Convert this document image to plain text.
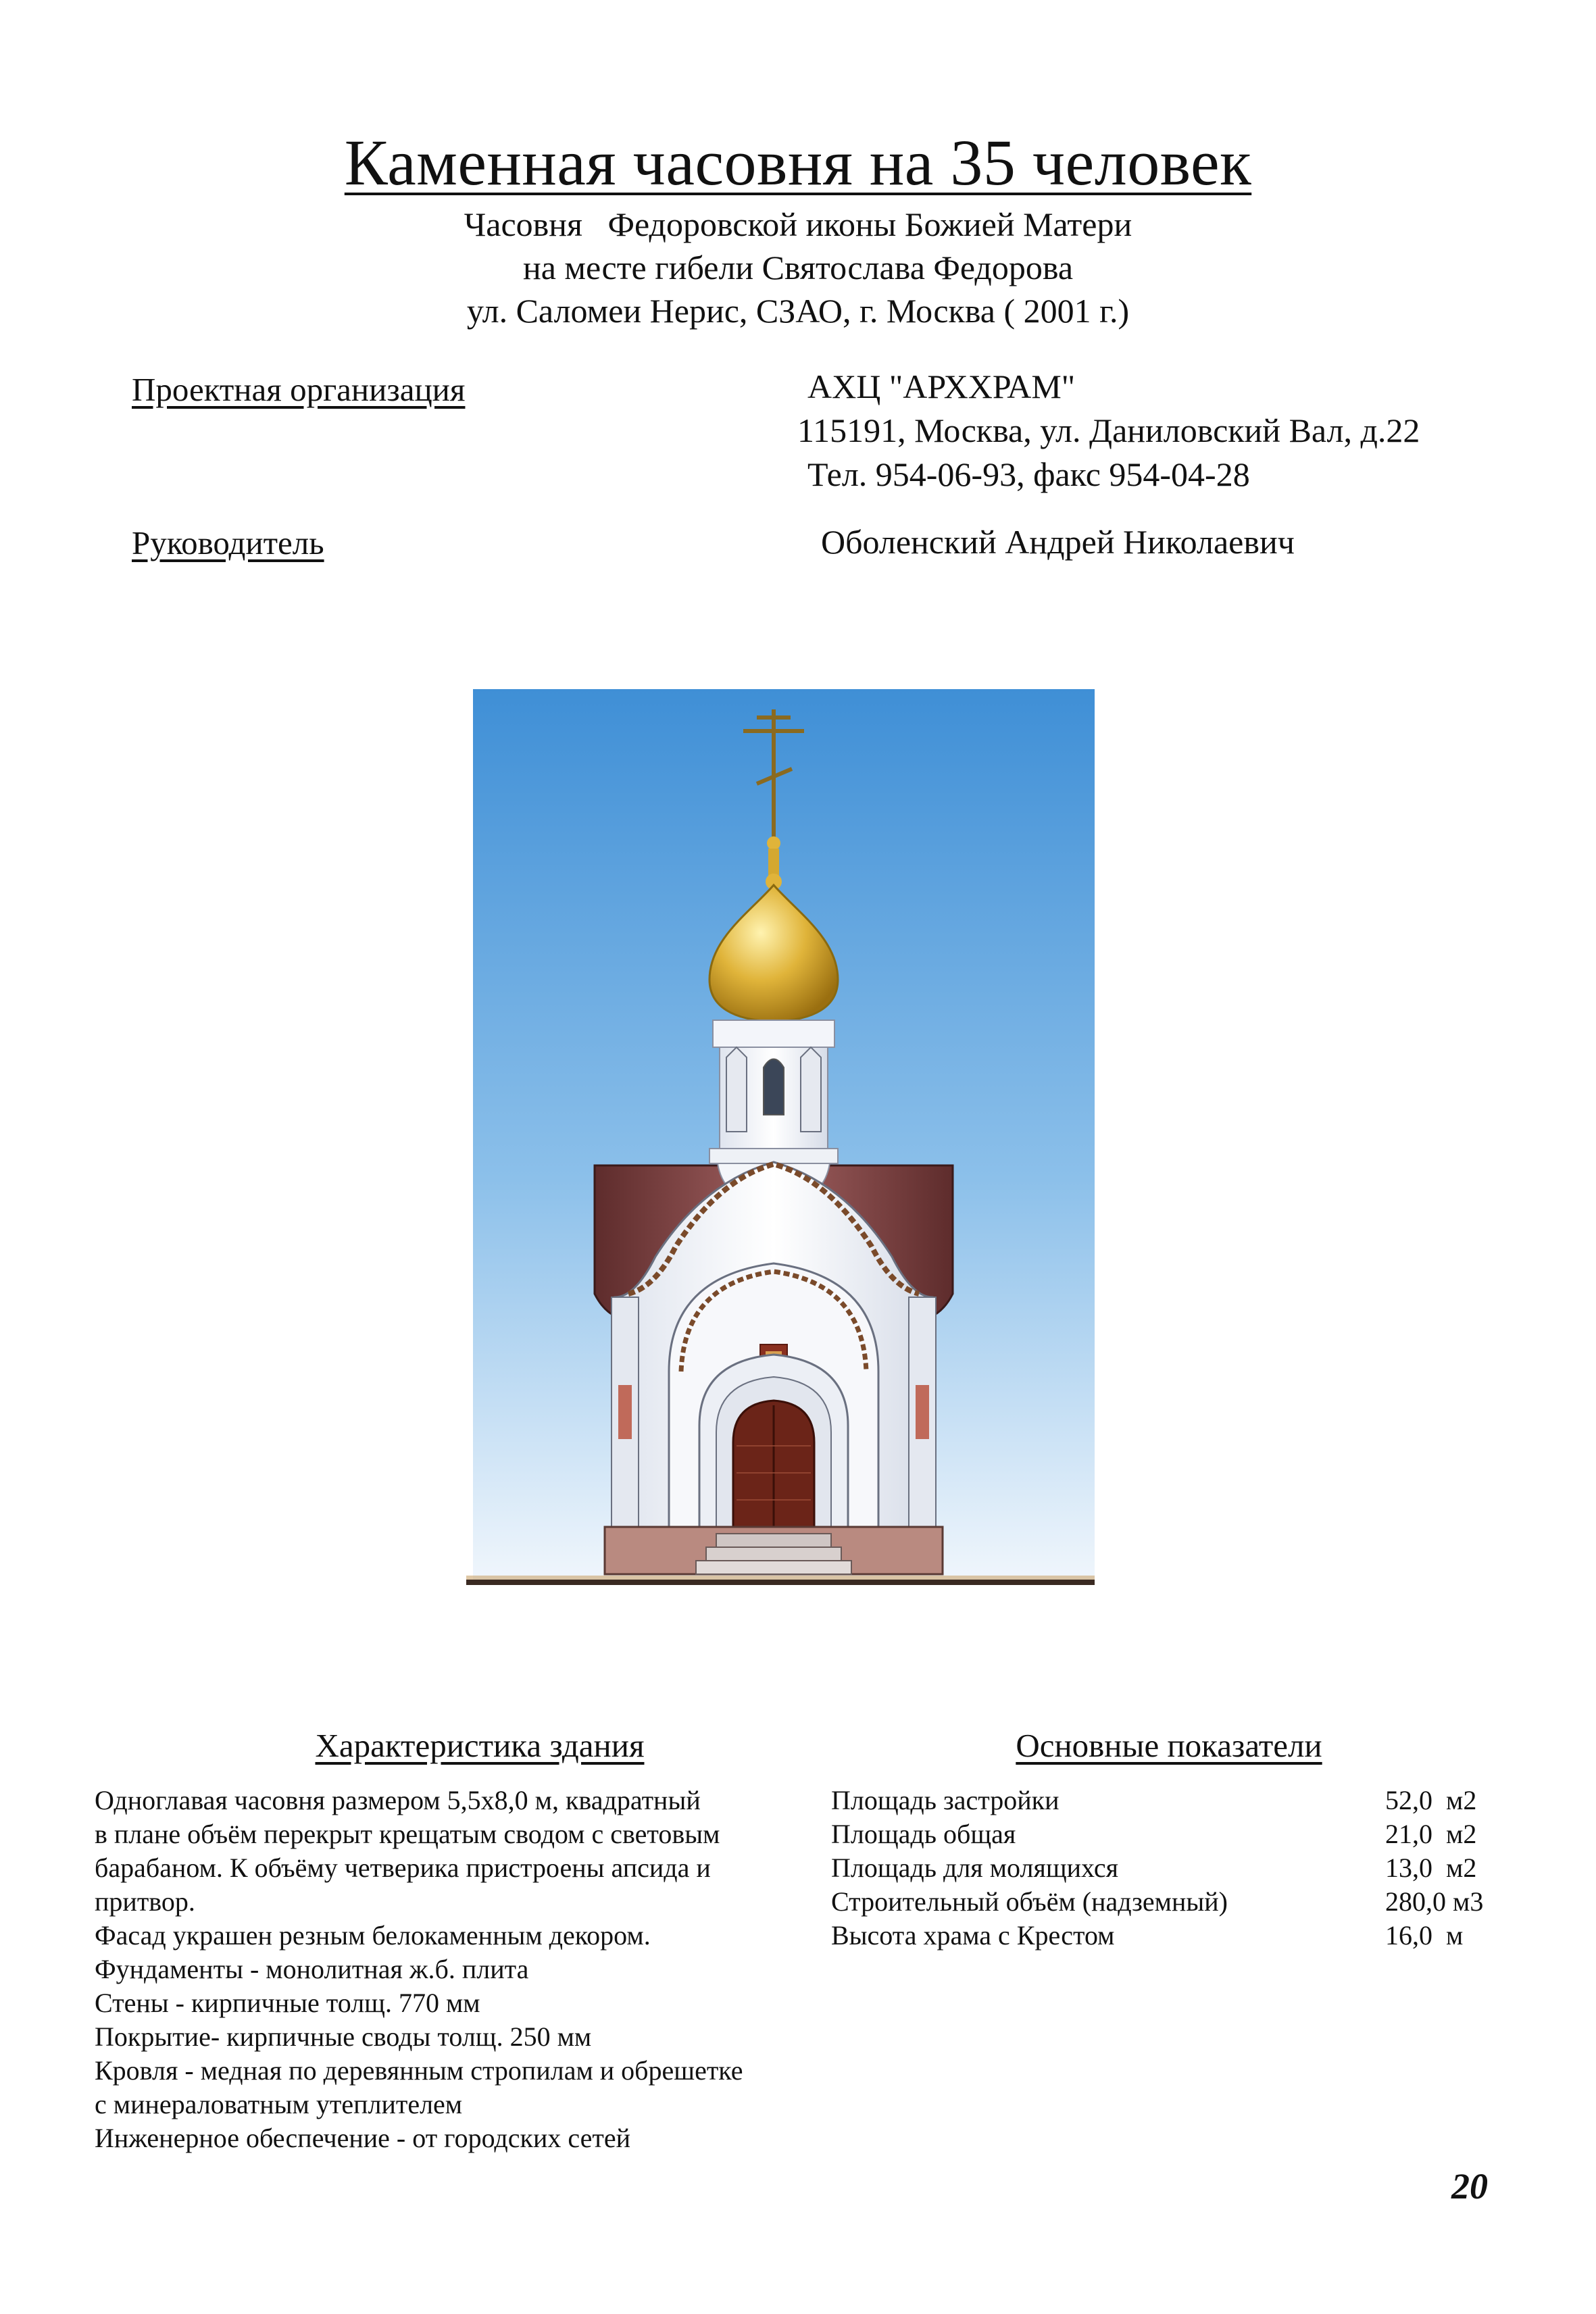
Каменная часовня на 35 человек
Часовня   Федоровской иконы Божией Матери
на месте гибели Святослава Федорова
ул. Саломеи Нерис, СЗАО, г. Москва ( 2001 г.)
Проектная организация	АХЦ "АРХХРАМ"
115191, Москва, ул. Даниловский Вал, д.22
Тел. 954-06-93, факс 954-04-28
Руководитель	Оболенский Андрей Николаевич
Характеристика здания	Основные показатели
Одноглавая часовня размером 5,5х8,0 м, квадратный
в плане объём перекрыт крещатым сводом с световым
барабаном. К объёму четверика пристроены апсида и
притвор.
Фасад украшен резным белокаменным декором.
Фундаменты - монолитная ж.б. плита
Стены - кирпичные толщ. 770 мм
Покрытие- кирпичные своды толщ. 250 мм
Кровля - медная по деревянным стропилам и обрешетке
с минераловатным утеплителем
Инженерное обеспечение - от городских сетей
Площадь застройки	52,0  м2
Площадь общая	21,0  м2
Площадь для молящихся	13,0  м2
Строительный объём (надземный)	280,0 м3
Высота храма с Крестом	16,0  м
20
